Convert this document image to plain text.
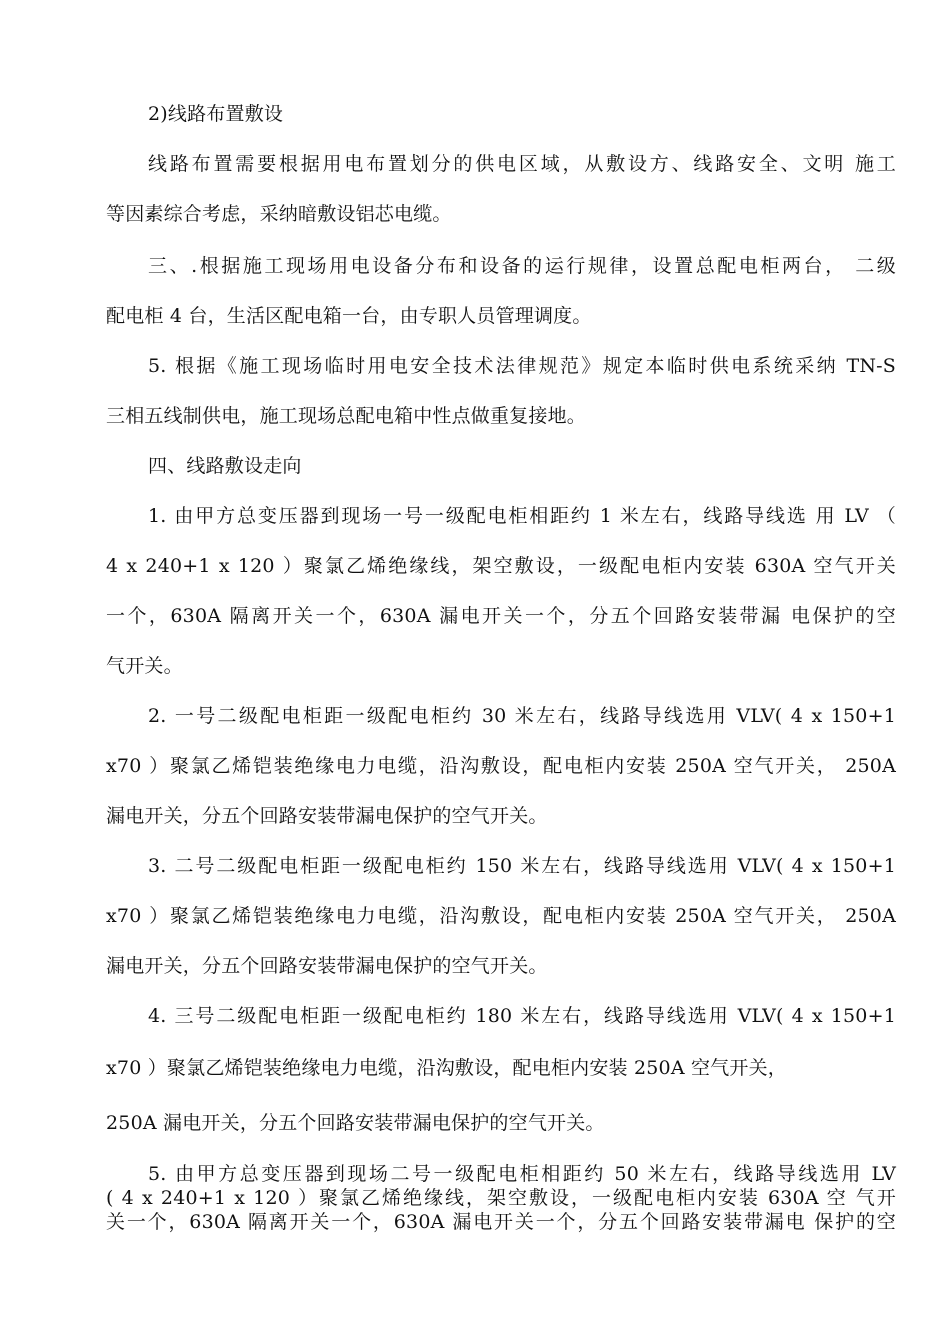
2)线路布置敷设
线路布置需要根据用电布置划分的供电区域，从敷设方、线路安全、文明 施工
等因素综合考虑，采纳暗敷设铝芯电缆。
三、.根据施工现场用电设备分布和设备的运行规律，设置总配电柜两台， 二级
配电柜 4 台，生活区配电箱一台，由专职人员管理调度。
5. 根据《施工现场临时用电安全技术法律规范》规定本临时供电系统采纳 TN-S
三相五线制供电，施工现场总配电箱中性点做重复接地。
四、线路敷设走向
1. 由甲方总变压器到现场一号一级配电柜相距约 1 米左右，线路导线选 用 LV （
4 x 240+1 x 120 ）聚氯乙烯绝缘线，架空敷设，一级配电柜内安装 630A 空气开关
一个，630A 隔离开关一个，630A 漏电开关一个，分五个回路安装带漏 电保护的空
气开关。
2. 一号二级配电柜距一级配电柜约 30 米左右，线路导线选用 VLV( 4 x 150+1
x70 ）聚氯乙烯铠装绝缘电力电缆，沿沟敷设，配电柜内安装 250A 空气开关， 250A
漏电开关，分五个回路安装带漏电保护的空气开关。
3. 二号二级配电柜距一级配电柜约 150 米左右，线路导线选用 VLV( 4 x 150+1
x70 ）聚氯乙烯铠装绝缘电力电缆，沿沟敷设，配电柜内安装 250A 空气开关， 250A
漏电开关，分五个回路安装带漏电保护的空气开关。
4. 三号二级配电柜距一级配电柜约 180 米左右，线路导线选用 VLV( 4 x 150+1
x70 ）聚氯乙烯铠装绝缘电力电缆，沿沟敷设，配电柜内安装 250A 空气开关，
250A 漏电开关，分五个回路安装带漏电保护的空气开关。
5. 由甲方总变压器到现场二号一级配电柜相距约 50 米左右，线路导线选用 LV
( 4 x 240+1 x 120 ）聚氯乙烯绝缘线，架空敷设，一级配电柜内安装 630A 空 气开
关一个，630A 隔离开关一个，630A 漏电开关一个，分五个回路安装带漏电 保护的空
